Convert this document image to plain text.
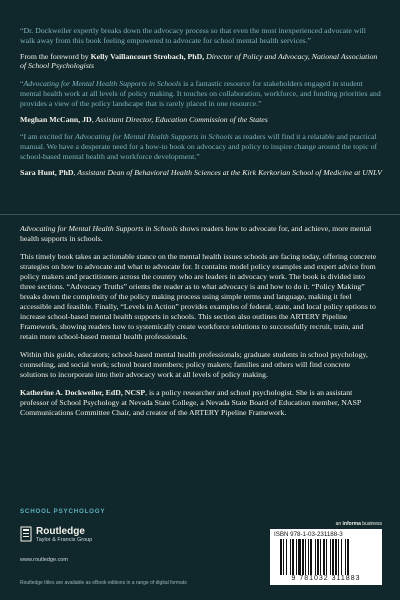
“Dr. Dockweiler expertly breaks down the advocacy process so that even the most inexperienced advocate will walk away from this book feeling empowered to advocate for school mental health services.”

From the foreword by Kelly Vaillancourt Strobach, PhD, Director of Policy and Advocacy, National Association of School Psychologists

“Advocating for Mental Health Supports in Schools is a fantastic resource for stakeholders engaged in student mental health work at all levels of policy making. It touches on collaboration, workforce, and funding priorities and provides a view of the policy landscape that is rarely placed in one resource.”

Meghan McCann, JD, Assistant Director, Education Commission of the States

“I am excited for Advocating for Mental Health Supports in Schools as readers will find it a relatable and practical manual. We have a desperate need for a how-to book on advocacy and policy to inspire change around the topic of school-based mental health and workforce development.”

Sara Hunt, PhD, Assistant Dean of Behavioral Health Sciences at the Kirk Kerkorian School of Medicine at UNLV

Advocating for Mental Health Supports in Schools shows readers how to advocate for, and achieve, more mental health supports in schools.

This timely book takes an actionable stance on the mental health issues schools are facing today, offering concrete strategies on how to advocate and what to advocate for. It contains model policy examples and expert advice from policy makers and practitioners across the country who are leaders in advocacy work. The book is divided into three sections. “Advocacy Truths” orients the reader as to what advocacy is and how to do it. “Policy Making” breaks down the complexity of the policy making process using simple terms and language, making it feel accessible and feasible. Finally, “Levels in Action” provides examples of federal, state, and local policy options to increase school-based mental health supports in schools. This section also outlines the ARTERY Pipeline Framework, showing readers how to systemically create workforce solutions to successfully recruit, train, and retain more school-based mental health professionals.

Within this guide, educators; school-based mental health professionals; graduate students in school psychology, counseling, and social work; school board members; policy makers; families and others will find concrete solutions to incorporate into their advocacy work at all levels of policy making.

Katherine A. Dockweiler, EdD, NCSP, is a policy researcher and school psychologist. She is an assistant professor of School Psychology at Nevada State College, a Nevada State Board of Education member, NASP Communications Committee Chair, and creator of the ARTERY Pipeline Framework.

SCHOOL PSYCHOLOGY
Routledge
Taylor & Francis Group
www.routledge.com
Routledge titles are available as eBook editions in a range of digital formats
an informa business
ISBN 978-1-03-231188-3
9 781032 311883
